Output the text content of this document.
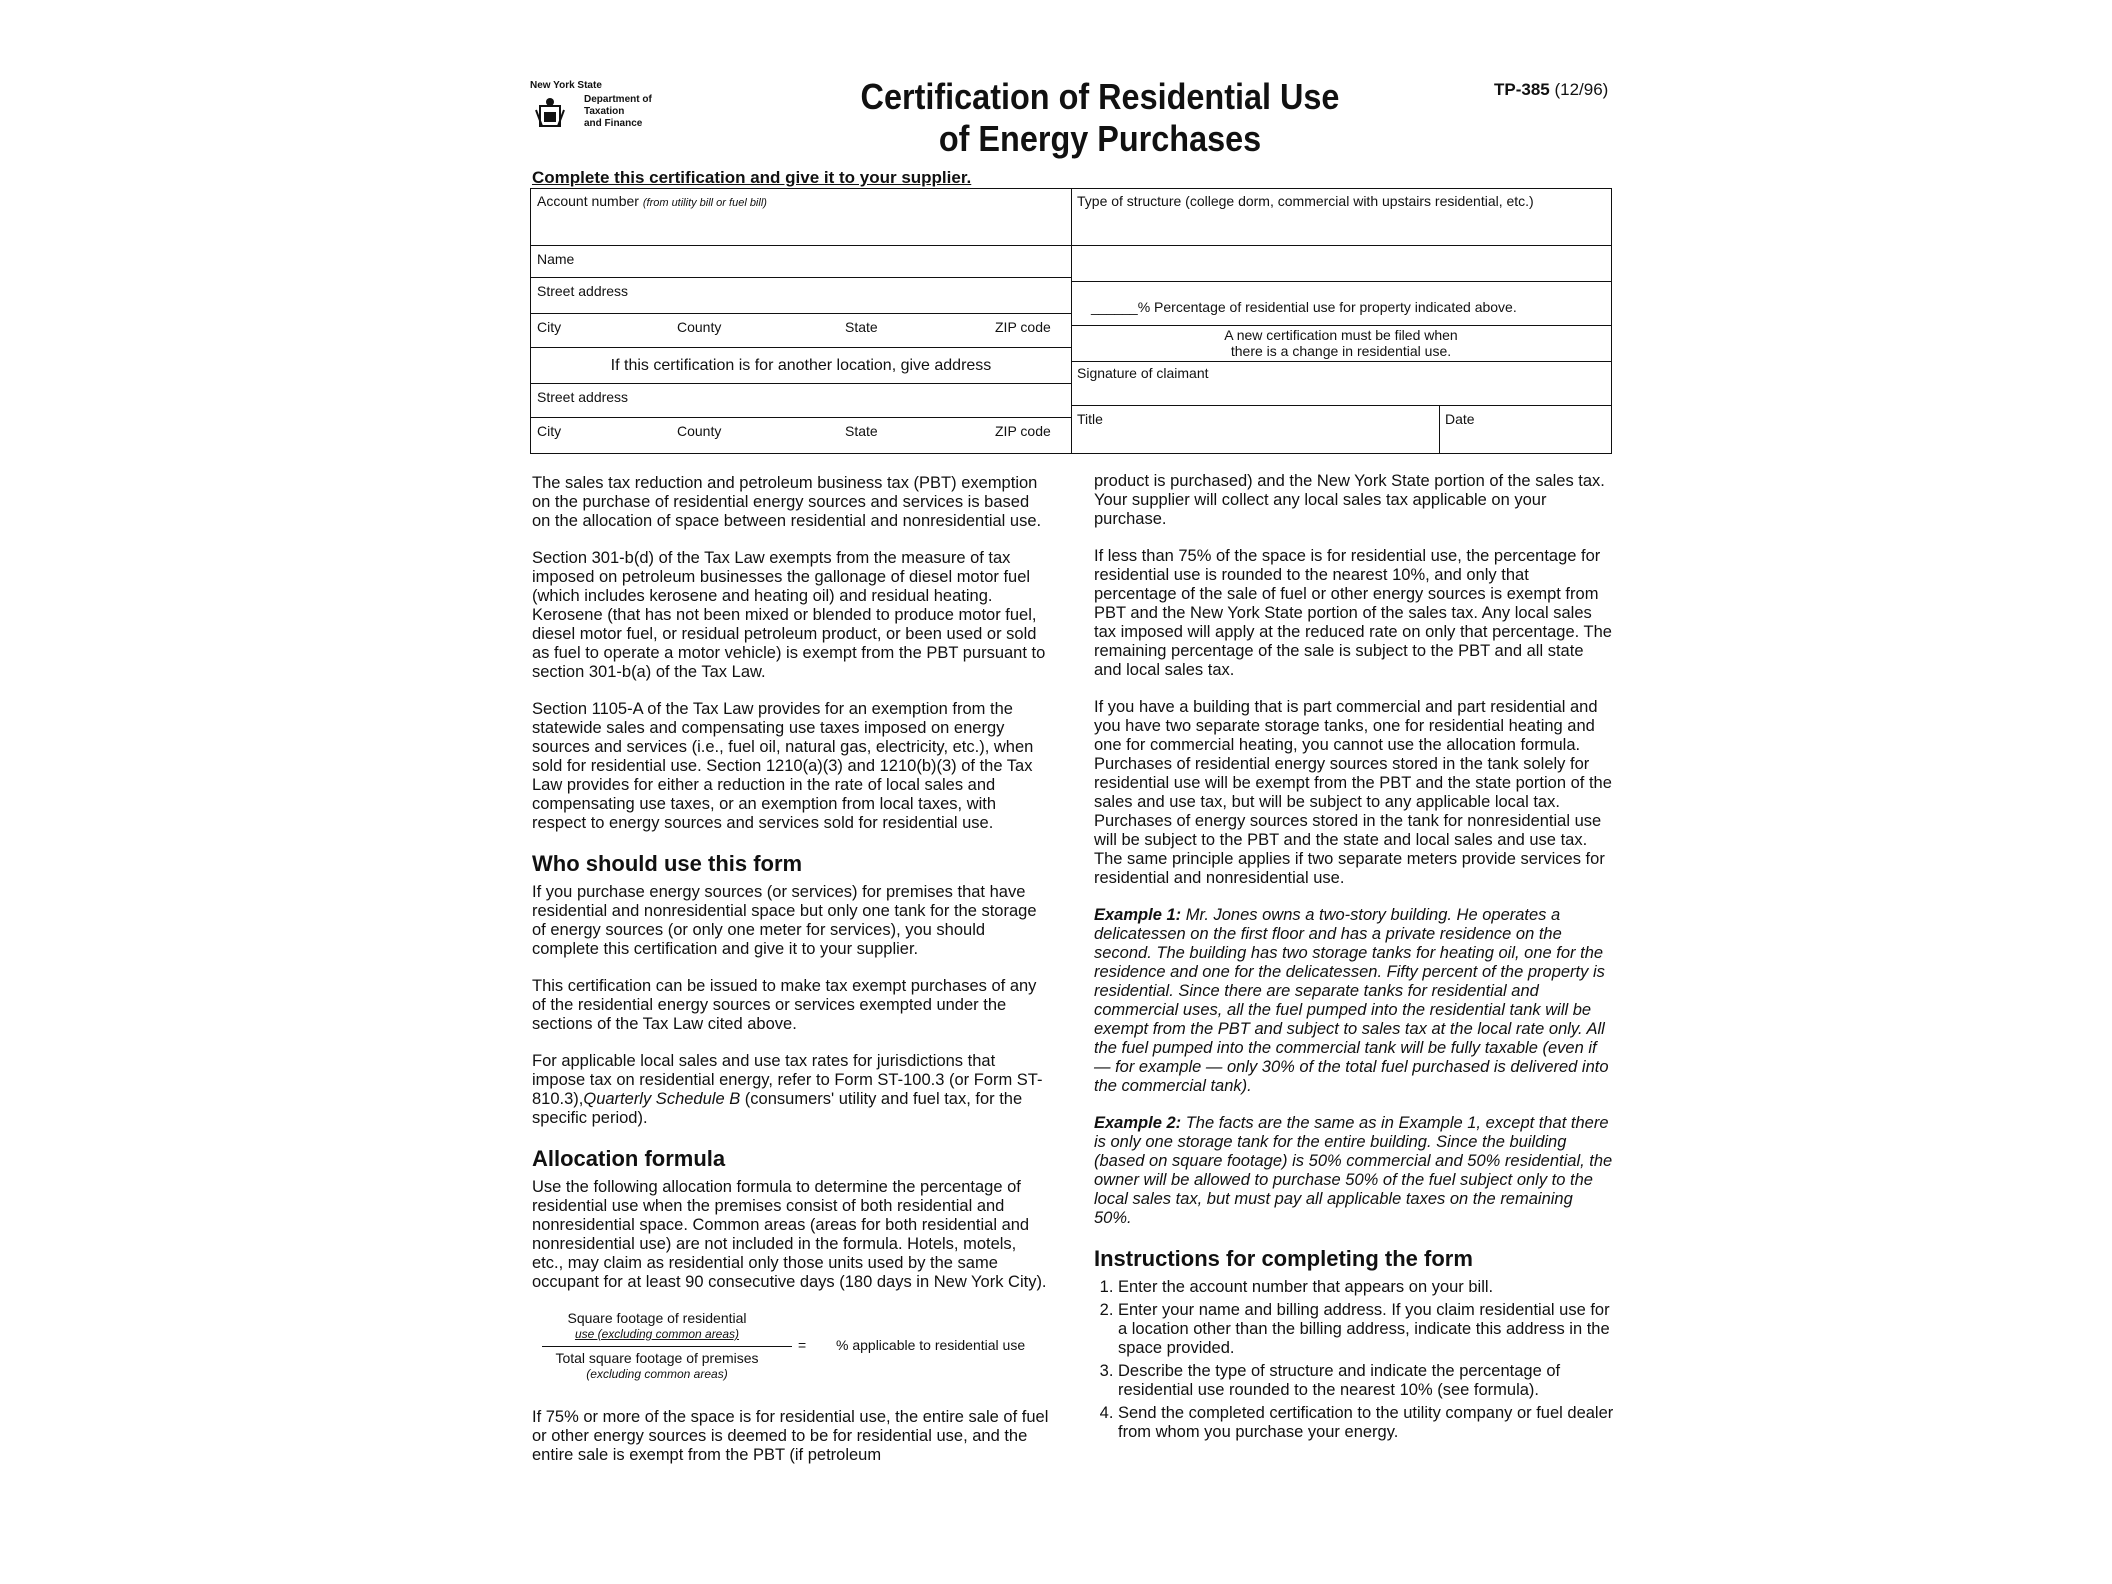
New York State
Department of
Taxation
and Finance
Certification of Residential Use
of Energy Purchases
TP-385 (12/96)
Complete this certification and give it to your supplier.
Account number (from utility bill or fuel bill)	Type of structure (college dorm, commercial with upstairs residential, etc.)
Name
Street address
City	County	State	ZIP code
If this certification is for another location, give address
Street address
City	County	State	ZIP code
______% Percentage of residential use for property indicated above.
A new certification must be filed when
there is a change in residential use.
Signature of claimant
Title	Date

The sales tax reduction and petroleum business tax (PBT) exemption on the purchase of residential energy sources and services is based on the allocation of space between residential and nonresidential use.

Section 301-b(d) of the Tax Law exempts from the measure of tax imposed on petroleum businesses the gallonage of diesel motor fuel (which includes kerosene and heating oil) and residual heating. Kerosene (that has not been mixed or blended to produce motor fuel, diesel motor fuel, or residual petroleum product, or been used or sold as fuel to operate a motor vehicle) is exempt from the PBT pursuant to section 301-b(a) of the Tax Law.

Section 1105-A of the Tax Law provides for an exemption from the statewide sales and compensating use taxes imposed on energy sources and services (i.e., fuel oil, natural gas, electricity, etc.), when sold for residential use. Section 1210(a)(3) and 1210(b)(3) of the Tax Law provides for either a reduction in the rate of local sales and compensating use taxes, or an exemption from local taxes, with respect to energy sources and services sold for residential use.

Who should use this form

If you purchase energy sources (or services) for premises that have residential and nonresidential space but only one tank for the storage of energy sources (or only one meter for services), you should complete this certification and give it to your supplier.

This certification can be issued to make tax exempt purchases of any of the residential energy sources or services exempted under the sections of the Tax Law cited above.

For applicable local sales and use tax rates for jurisdictions that impose tax on residential energy, refer to Form ST-100.3 (or Form ST-810.3),Quarterly Schedule B (consumers' utility and fuel tax, for the specific period).

Allocation formula

Use the following allocation formula to determine the percentage of residential use when the premises consist of both residential and nonresidential space. Common areas (areas for both residential and nonresidential use) are not included in the formula. Hotels, motels, etc., may claim as residential only those units used by the same occupant for at least 90 consecutive days (180 days in New York City).

Square footage of residential
use (excluding common areas)
Total square footage of premises
(excluding common areas)
= % applicable to residential use

If 75% or more of the space is for residential use, the entire sale of fuel or other energy sources is deemed to be for residential use, and the entire sale is exempt from the PBT (if petroleum

product is purchased) and the New York State portion of the sales tax. Your supplier will collect any local sales tax applicable on your purchase.

If less than 75% of the space is for residential use, the percentage for residential use is rounded to the nearest 10%, and only that percentage of the sale of fuel or other energy sources is exempt from PBT and the New York State portion of the sales tax. Any local sales tax imposed will apply at the reduced rate on only that percentage. The remaining percentage of the sale is subject to the PBT and all state and local sales tax.

If you have a building that is part commercial and part residential and you have two separate storage tanks, one for residential heating and one for commercial heating, you cannot use the allocation formula. Purchases of residential energy sources stored in the tank solely for residential use will be exempt from the PBT and the state portion of the sales and use tax, but will be subject to any applicable local tax. Purchases of energy sources stored in the tank for nonresidential use will be subject to the PBT and the state and local sales and use tax. The same principle applies if two separate meters provide services for residential and nonresidential use.

Example 1: Mr. Jones owns a two-story building. He operates a delicatessen on the first floor and has a private residence on the second. The building has two storage tanks for heating oil, one for the residence and one for the delicatessen. Fifty percent of the property is residential. Since there are separate tanks for residential and commercial uses, all the fuel pumped into the residential tank will be exempt from the PBT and subject to sales tax at the local rate only. All the fuel pumped into the commercial tank will be fully taxable (even if — for example — only 30% of the total fuel purchased is delivered into the commercial tank).

Example 2: The facts are the same as in Example 1, except that there is only one storage tank for the entire building. Since the building (based on square footage) is 50% commercial and 50% residential, the owner will be allowed to purchase 50% of the fuel subject only to the local sales tax, but must pay all applicable taxes on the remaining 50%.

Instructions for completing the form
1. Enter the account number that appears on your bill.
2. Enter your name and billing address. If you claim residential use for a location other than the billing address, indicate this address in the space provided.
3. Describe the type of structure and indicate the percentage of residential use rounded to the nearest 10% (see formula).
4. Send the completed certification to the utility company or fuel dealer from whom you purchase your energy.
